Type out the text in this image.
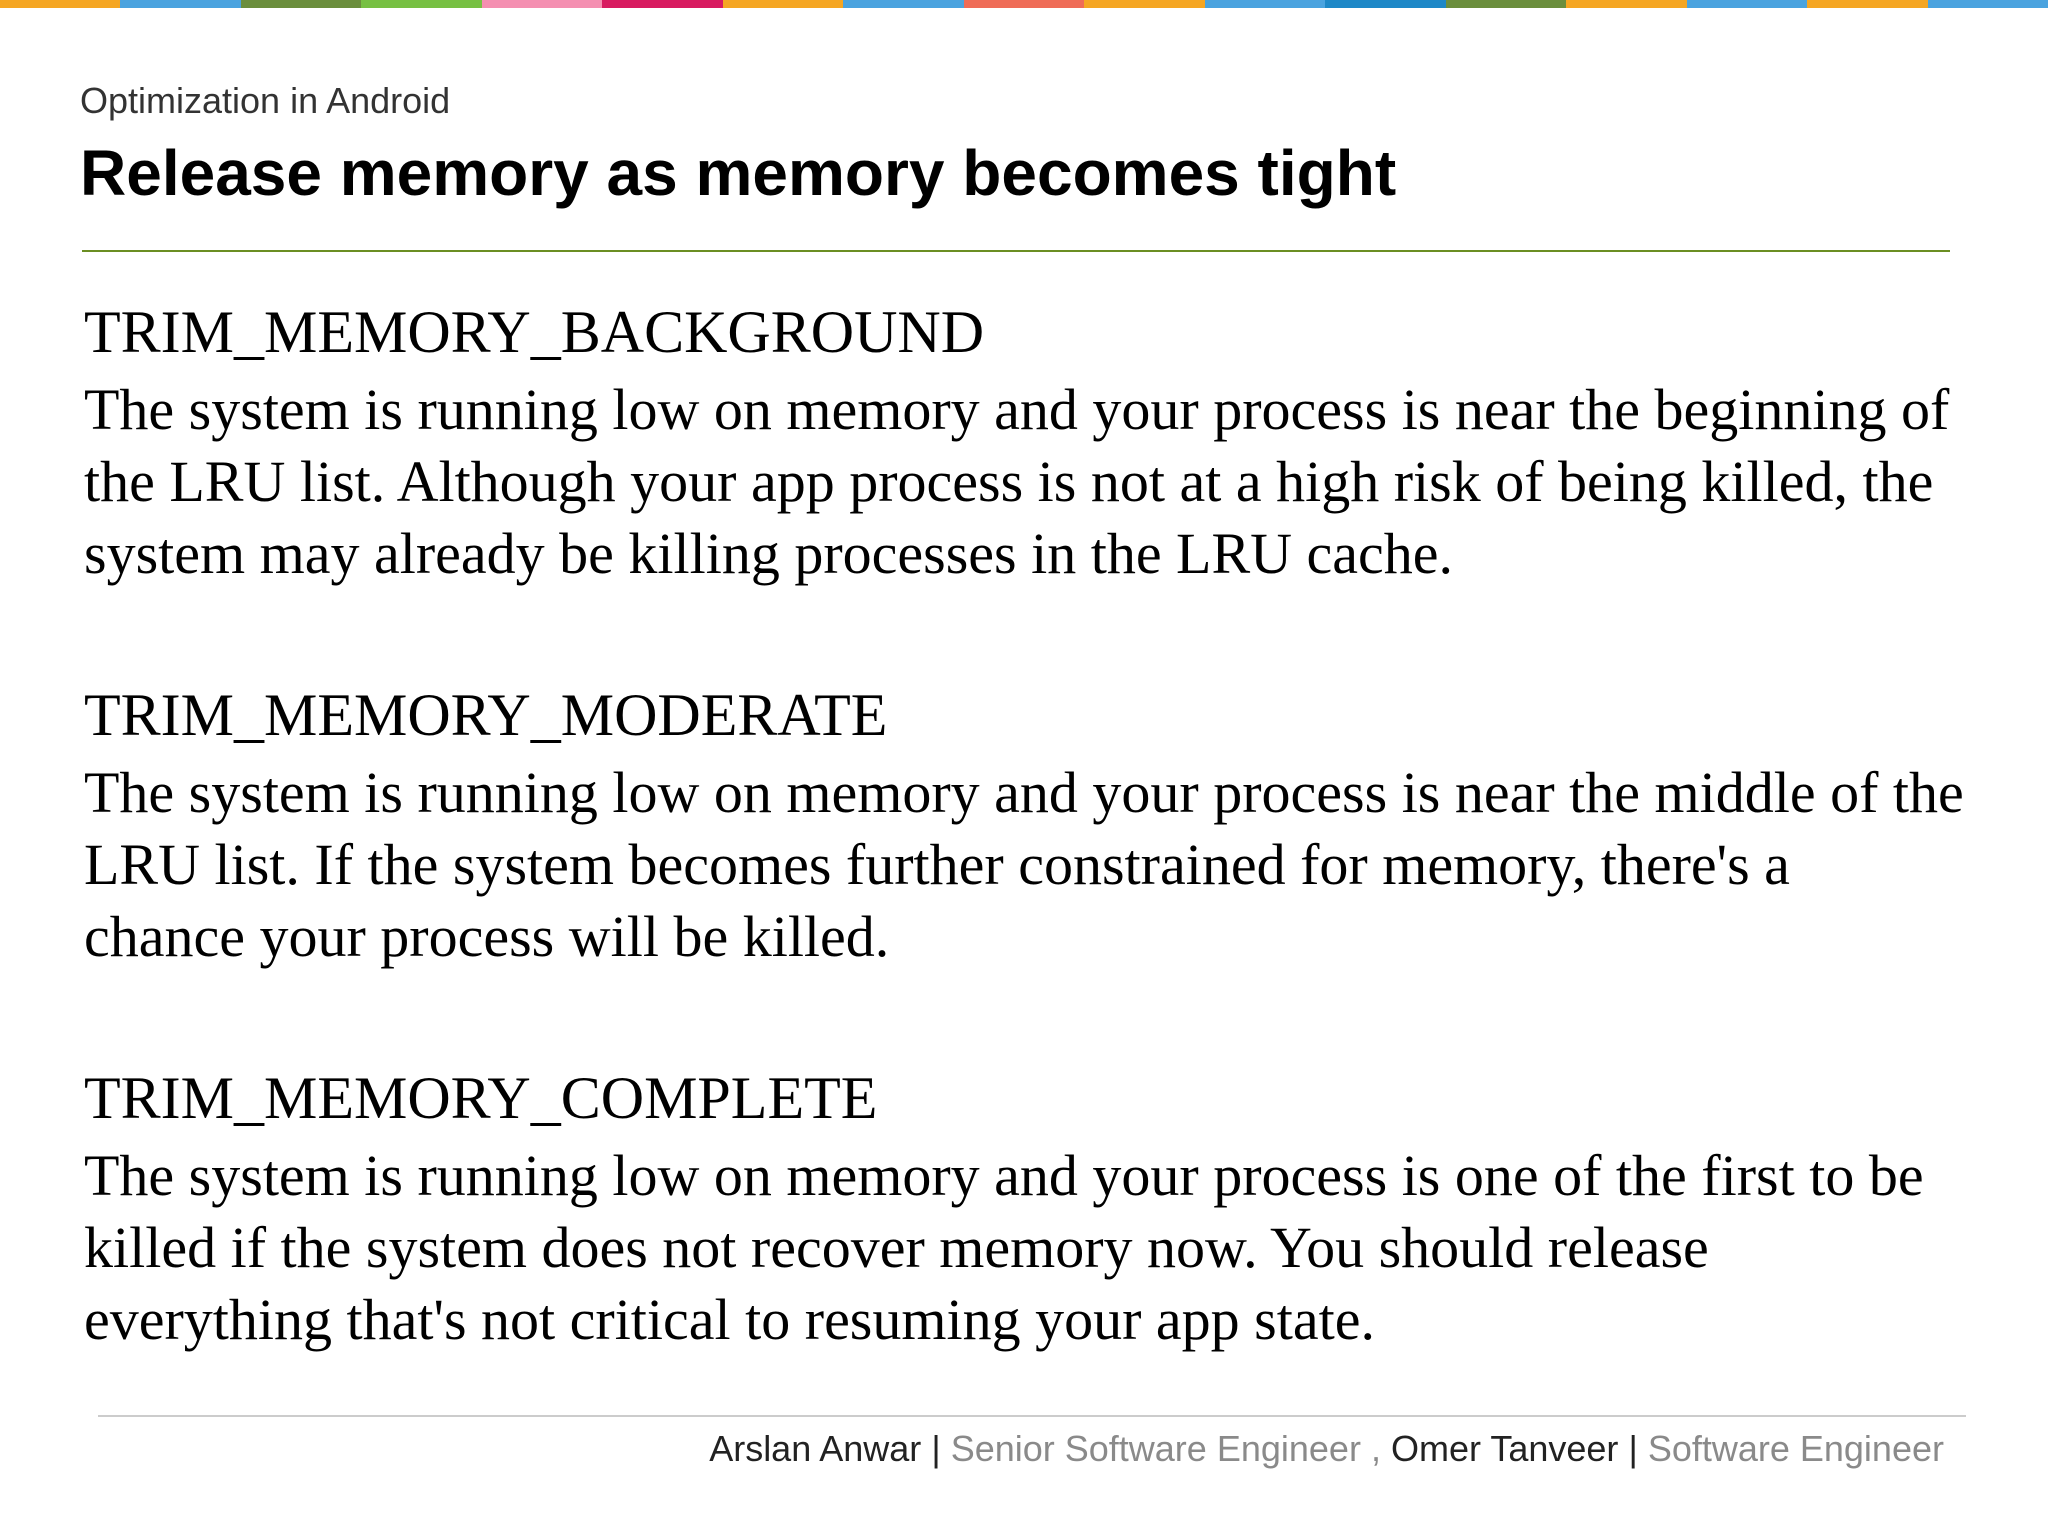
Optimization in Android
Release memory as memory becomes tight
TRIM_MEMORY_BACKGROUND
The system is running low on memory and your process is near the beginning of the LRU list. Although your app process is not at a high risk of being killed, the system may already be killing processes in the LRU cache.
TRIM_MEMORY_MODERATE
The system is running low on memory and your process is near the middle of the LRU list. If the system becomes further constrained for memory, there's a chance your process will be killed.
TRIM_MEMORY_COMPLETE
The system is running low on memory and your process is one of the first to be killed if the system does not recover memory now. You should release everything that's not critical to resuming your app state.
Arslan Anwar | Senior Software Engineer , Omer Tanveer | Software Engineer
